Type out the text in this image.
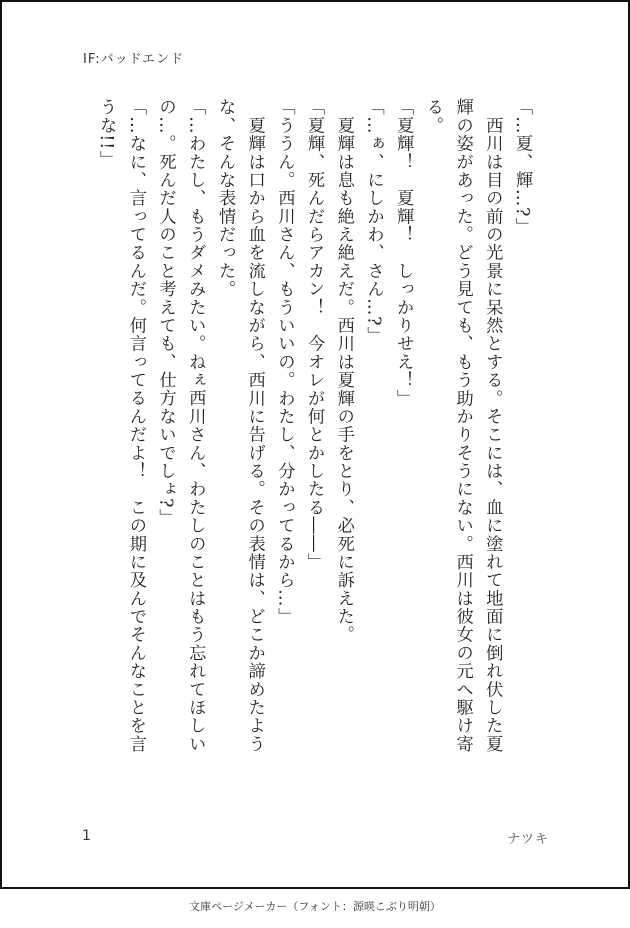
IF:バッドエンド
「…夏、輝…?」
　西川は目の前の光景に呆然とする。そこには、血に塗れて地面に倒れ伏した夏
輝の姿があった。どう見ても、もう助かりそうにない。西川は彼女の元へ駆け寄
る。
「夏輝！　夏輝！　しっかりせえ！」
「…ぁ、にしかわ、さん…?」
　夏輝は息も絶え絶えだ。西川は夏輝の手をとり、必死に訴えた。
「夏輝、死んだらアカン！　今オレが何とかしたる――」
「ううん。西川さん、もういいの。わたし、分かってるから…」
　夏輝は口から血を流しながら、西川に告げる。その表情は、どこか諦めたよう
な、そんな表情だった。
「…わたし、もうダメみたい。ねぇ西川さん、わたしのことはもう忘れてほしい
の…。死んだ人のこと考えても、仕方ないでしょ?」
「…なに、言ってるんだ。何言ってるんだよ！　この期に及んでそんなことを言
うな!!」
1	ナツキ
文庫ページメーカー（フォント：源暎こぶり明朝）
